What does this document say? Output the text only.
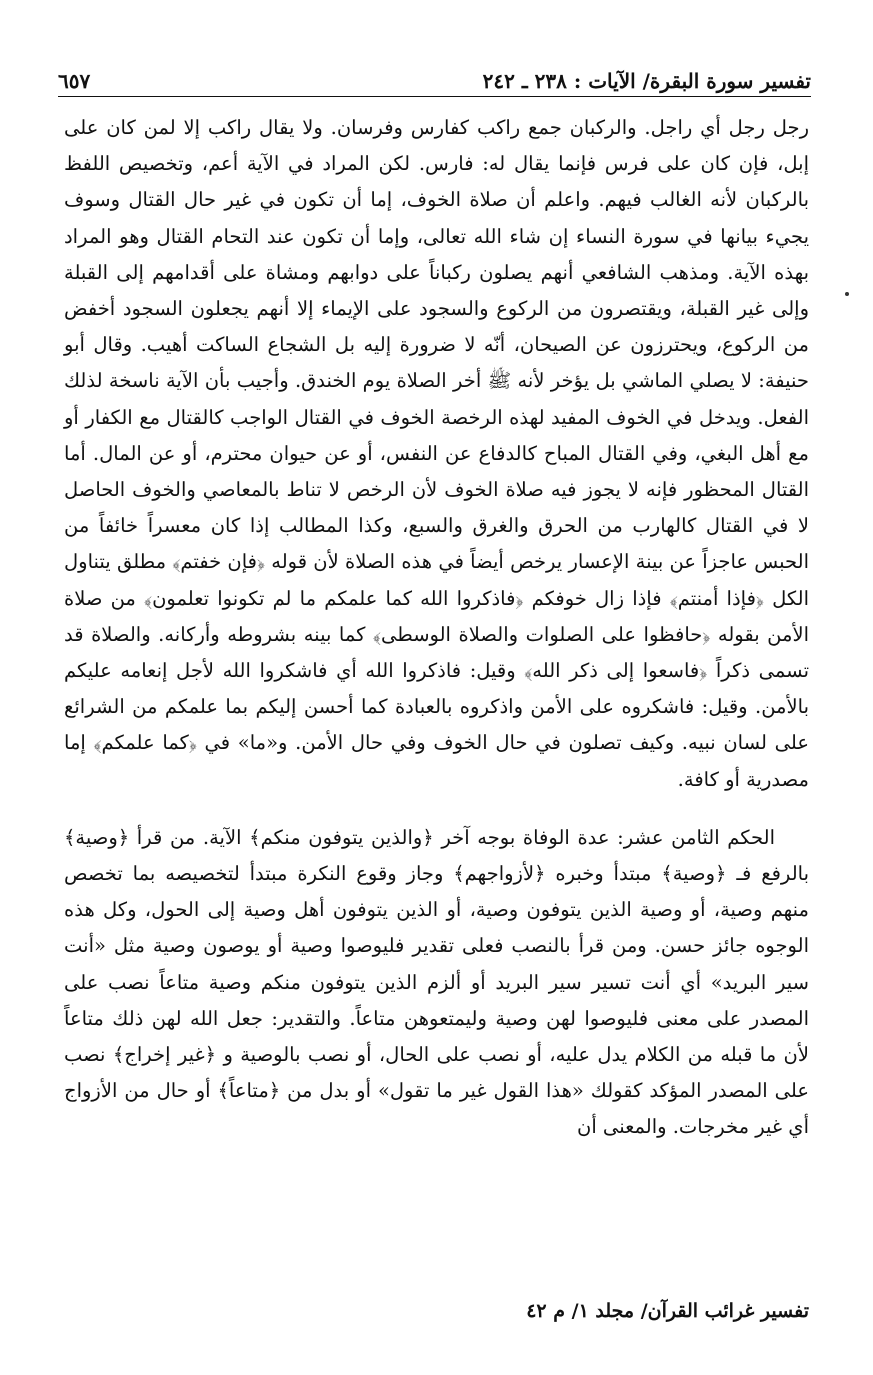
تفسير سورة البقرة/ الآيات : ٢٣٨ ـ ٢٤٢
٦٥٧

رجل رجل أي راجل. والركبان جمع راكب كفارس وفرسان. ولا يقال راكب إلا لمن كان على إبل، فإن كان على فرس فإنما يقال له: فارس. لكن المراد في الآية أعم، وتخصيص اللفظ بالركبان لأنه الغالب فيهم. واعلم أن صلاة الخوف، إما أن تكون في غير حال القتال وسوف يجيء بيانها في سورة النساء إن شاء الله تعالى، وإما أن تكون عند التحام القتال وهو المراد بهذه الآية. ومذهب الشافعي أنهم يصلون ركباناً على دوابهم ومشاة على أقدامهم إلى القبلة وإلى غير القبلة، ويقتصرون من الركوع والسجود على الإيماء إلا أنهم يجعلون السجود أخفض من الركوع، ويحترزون عن الصيحان، أنّه لا ضرورة إليه بل الشجاع الساكت أهيب. وقال أبو حنيفة: لا يصلي الماشي بل يؤخر لأنه ﷺ أخر الصلاة يوم الخندق. وأجيب بأن الآية ناسخة لذلك الفعل. ويدخل في الخوف المفيد لهذه الرخصة الخوف في القتال الواجب كالقتال مع الكفار أو مع أهل البغي، وفي القتال المباح كالدفاع عن النفس، أو عن حيوان محترم، أو عن المال. أما القتال المحظور فإنه لا يجوز فيه صلاة الخوف لأن الرخص لا تناط بالمعاصي والخوف الحاصل لا في القتال كالهارب من الحرق والغرق والسبع، وكذا المطالب إذا كان معسراً خائفاً من الحبس عاجزاً عن بينة الإعسار يرخص أيضاً في هذه الصلاة لأن قوله ﴿فإن خفتم﴾ مطلق يتناول الكل ﴿فإذا أمنتم﴾ فإذا زال خوفكم ﴿فاذكروا الله كما علمكم ما لم تكونوا تعلمون﴾ من صلاة الأمن بقوله ﴿حافظوا على الصلوات والصلاة الوسطى﴾ كما بينه بشروطه وأركانه. والصلاة قد تسمى ذكراً ﴿فاسعوا إلى ذكر الله﴾ وقيل: فاذكروا الله أي فاشكروا الله لأجل إنعامه عليكم بالأمن. وقيل: فاشكروه على الأمن واذكروه بالعبادة كما أحسن إليكم بما علمكم من الشرائع على لسان نبيه. وكيف تصلون في حال الخوف وفي حال الأمن. و«ما» في ﴿كما علمكم﴾ إما مصدرية أو كافة.

الحكم الثامن عشر: عدة الوفاة بوجه آخر ﴿والذين يتوفون منكم﴾ الآية. من قرأ ﴿وصية﴾ بالرفع فـ ﴿وصية﴾ مبتدأ وخبره ﴿لأزواجهم﴾ وجاز وقوع النكرة مبتدأ لتخصيصه بما تخصص منهم وصية، أو وصية الذين يتوفون وصية، أو الذين يتوفون أهل وصية إلى الحول، وكل هذه الوجوه جائز حسن. ومن قرأ بالنصب فعلى تقدير فليوصوا وصية أو يوصون وصية مثل «أنت سير البريد» أي أنت تسير سير البريد أو ألزم الذين يتوفون منكم وصية متاعاً نصب على المصدر على معنى فليوصوا لهن وصية وليمتعوهن متاعاً. والتقدير: جعل الله لهن ذلك متاعاً لأن ما قبله من الكلام يدل عليه، أو نصب على الحال، أو نصب بالوصية و ﴿غير إخراج﴾ نصب على المصدر المؤكد كقولك «هذا القول غير ما تقول» أو بدل من ﴿متاعاً﴾ أو حال من الأزواج أي غير مخرجات. والمعنى أن

تفسير غرائب القرآن/ مجلد ١/ م ٤٢
